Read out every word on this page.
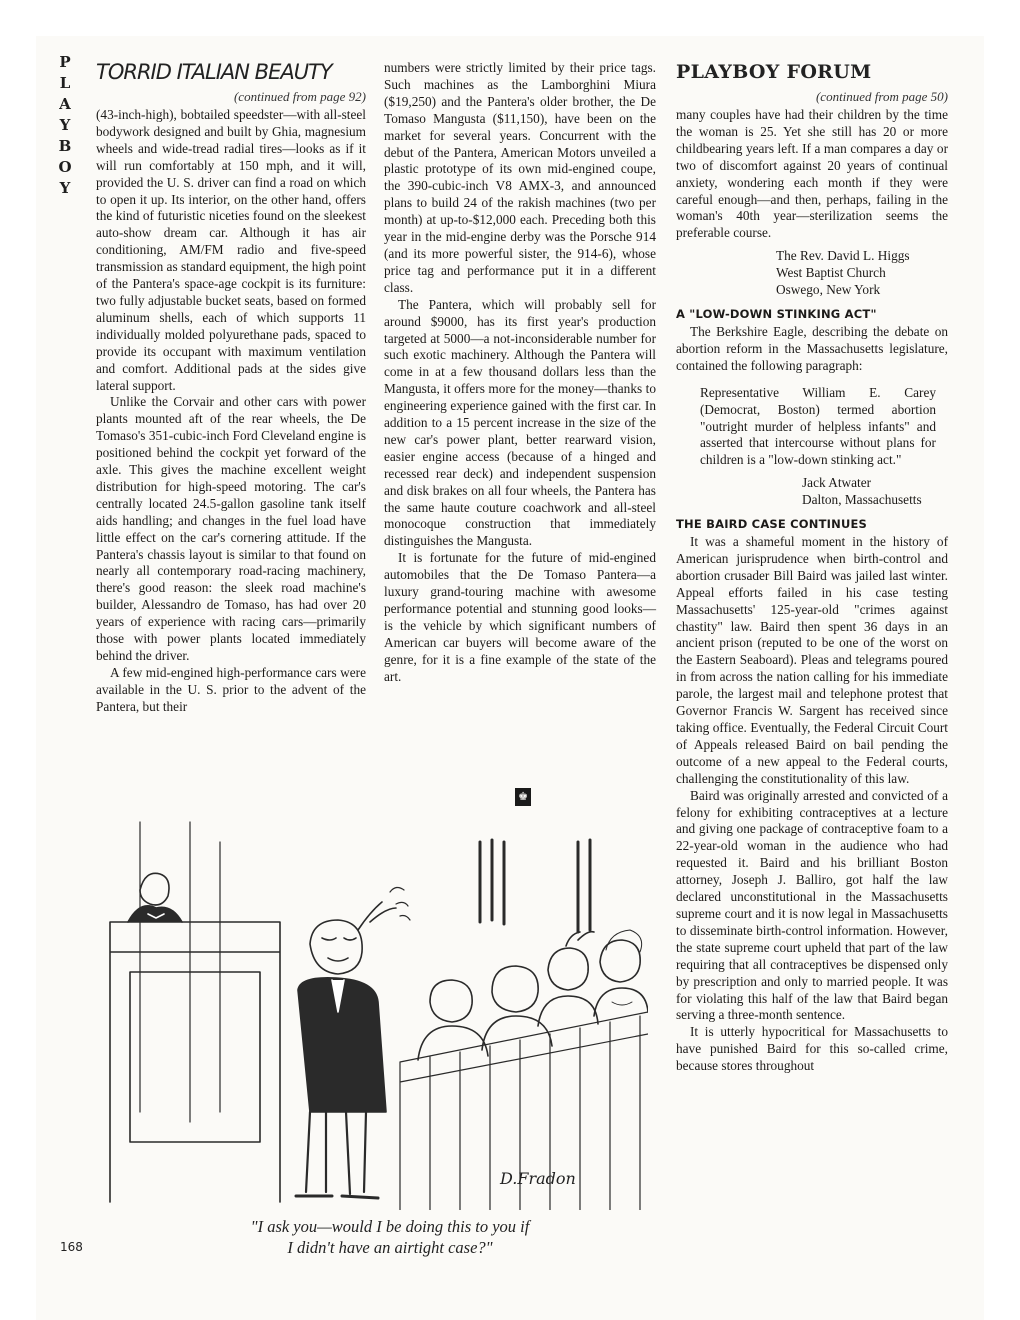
P
L
A
Y
B
O
Y
TORRID ITALIAN BEAUTY
(continued from page 92)

(43-inch-high), bobtailed speedster—with all-steel bodywork designed and built by Ghia, magnesium wheels and wide-tread radial tires—looks as if it will run comfortably at 150 mph, and it will, provided the U. S. driver can find a road on which to open it up. Its interior, on the other hand, offers the kind of futuristic niceties found on the sleekest auto-show dream car. Although it has air conditioning, AM/FM radio and five-speed transmission as standard equipment, the high point of the Pantera's space-age cockpit is its furniture: two fully adjustable bucket seats, based on formed aluminum shells, each of which supports 11 individually molded polyurethane pads, spaced to provide its occupant with maximum ventilation and comfort. Additional pads at the sides give lateral support.

Unlike the Corvair and other cars with power plants mounted aft of the rear wheels, the De Tomaso's 351-cubic-inch Ford Cleveland engine is positioned behind the cockpit yet forward of the axle. This gives the machine excellent weight distribution for high-speed motoring. The car's centrally located 24.5-gallon gasoline tank itself aids handling; and changes in the fuel load have little effect on the car's cornering attitude. If the Pantera's chassis layout is similar to that found on nearly all contemporary road-racing machinery, there's good reason: the sleek road machine's builder, Alessandro de Tomaso, has had over 20 years of experience with racing cars—primarily those with power plants located immediately behind the driver.

A few mid-engined high-performance cars were available in the U. S. prior to the advent of the Pantera, but their

numbers were strictly limited by their price tags. Such machines as the Lamborghini Miura ($19,250) and the Pantera's older brother, the De Tomaso Mangusta ($11,150), have been on the market for several years. Concurrent with the debut of the Pantera, American Motors unveiled a plastic prototype of its own mid-engined coupe, the 390-cubic-inch V8 AMX-3, and announced plans to build 24 of the rakish machines (two per month) at up-to-$12,000 each. Preceding both this year in the mid-engine derby was the Porsche 914 (and its more powerful sister, the 914-6), whose price tag and performance put it in a different class.

The Pantera, which will probably sell for around $9000, has its first year's production targeted at 5000—a not-inconsiderable number for such exotic machinery. Although the Pantera will come in at a few thousand dollars less than the Mangusta, it offers more for the money—thanks to engineering experience gained with the first car. In addition to a 15 percent increase in the size of the new car's power plant, better rearward vision, easier engine access (because of a hinged and recessed rear deck) and independent suspension and disk brakes on all four wheels, the Pantera has the same haute couture coachwork and all-steel monocoque construction that immediately distinguishes the Mangusta.

It is fortunate for the future of mid-engined automobiles that the De Tomaso Pantera—a luxury grand-touring machine with awesome performance potential and stunning good looks—is the vehicle by which significant numbers of American car buyers will become aware of the genre, for it is a fine example of the state of the art.

♚
PLAYBOY FORUM
(continued from page 50)

many couples have had their children by the time the woman is 25. Yet she still has 20 or more childbearing years left. If a man compares a day or two of discomfort against 20 years of continual anxiety, wondering each month if they were careful enough—and then, perhaps, failing in the woman's 40th year—sterilization seems the preferable course.

The Rev. David L. Higgs
West Baptist Church
Oswego, New York
A "LOW-DOWN STINKING ACT"

The Berkshire Eagle, describing the debate on abortion reform in the Massachusetts legislature, contained the following paragraph:

Representative William E. Carey (Democrat, Boston) termed abortion "outright murder of helpless infants" and asserted that intercourse without plans for children is a "low-down stinking act."

Jack Atwater
Dalton, Massachusetts
THE BAIRD CASE CONTINUES

It was a shameful moment in the history of American jurisprudence when birth-control and abortion crusader Bill Baird was jailed last winter. Appeal efforts failed in his case testing Massachusetts' 125-year-old "crimes against chastity" law. Baird then spent 36 days in an ancient prison (reputed to be one of the worst on the Eastern Seaboard). Pleas and telegrams poured in from across the nation calling for his immediate parole, the largest mail and telephone protest that Governor Francis W. Sargent has received since taking office. Eventually, the Federal Circuit Court of Appeals released Baird on bail pending the outcome of a new appeal to the Federal courts, challenging the constitutionality of this law.

Baird was originally arrested and convicted of a felony for exhibiting contraceptives at a lecture and giving one package of contraceptive foam to a 22-year-old woman in the audience who had requested it. Baird and his brilliant Boston attorney, Joseph J. Balliro, got half the law declared unconstitutional in the Massachusetts supreme court and it is now legal in Massachusetts to disseminate birth-control information. However, the state supreme court upheld that part of the law requiring that all contraceptives be dispensed only by prescription and only to married people. It was for violating this half of the law that Baird began serving a three-month sentence.

It is utterly hypocritical for Massachusetts to have punished Baird for this so-called crime, because stores throughout

D.Fradon
"I ask you—would I be doing this to you if
I didn't have an airtight case?"
168
